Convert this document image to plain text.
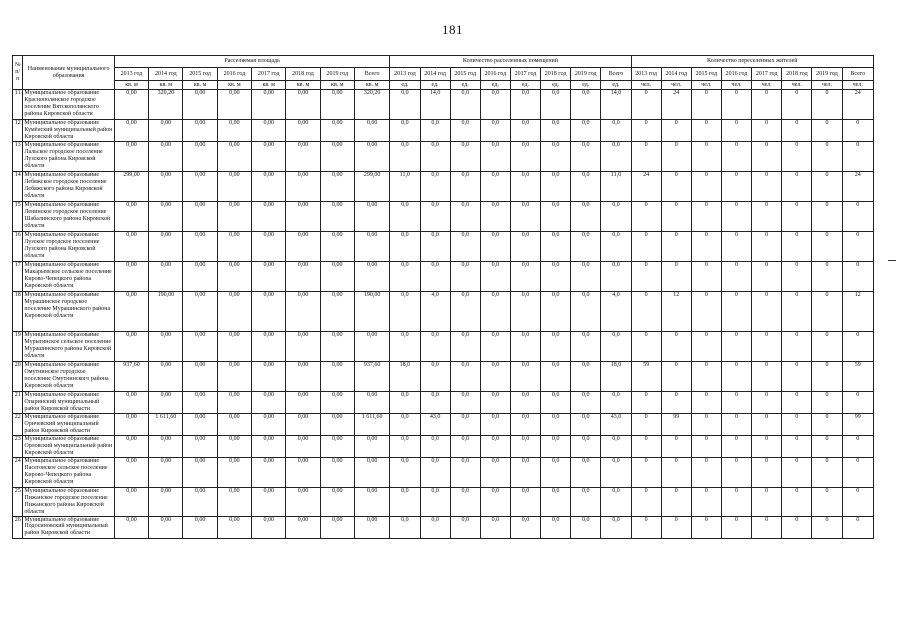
181
№ п/п	Наименование муниципального образования	Расселяемая площадь								Количество расселенных помещений								Количество переселенных жителей							
		2013 год	2014 год	2015 год	2016 год	2017 год	2018 год	2019 год	Всего	2013 год	2014 год	2015 год	2016 год	2017 год	2018 год	2019 год	Всего	2013 год	2014 год	2015 год	2016 год	2017 год	2018 год	2019 год	Всего
		кв. м	кв. м	кв. м	кв. м	кв. м	кв. м	кв. м	кв. м	ед.	ед.	ед.	ед.	ед.	ед.	ед.	ед.	чел.	чел.	чел.	чел.	чел.	чел.	чел.	чел.
11	Муниципальное образование Краснополянское городское поселение Вятскополянского района Кировской области	0,00	320,20	0,00	0,00	0,00	0,00	0,00	320,20	0,0	14,0	0,0	0,0	0,0	0,0	0,0	14,0	0	24	0	0	0	0	0	24
12	Муниципальное образование Кумёнский муниципальный район Кировской области	0,00	0,00	0,00	0,00	0,00	0,00	0,00	0,00	0,0	0,0	0,0	0,0	0,0	0,0	0,0	0,0	0	0	0	0	0	0	0	0
13	Муниципальное образование Лальское городское поселение Лузского района Кировской области	0,00	0,00	0,00	0,00	0,00	0,00	0,00	0,00	0,0	0,0	0,0	0,0	0,0	0,0	0,0	0,0	0	0	0	0	0	0	0	0
14	Муниципальное образование Лебяжское городское поселение Лебяжского района Кировской области	299,00	0,00	0,00	0,00	0,00	0,00	0,00	299,00	11,0	0,0	0,0	0,0	0,0	0,0	0,0	11,0	24	0	0	0	0	0	0	24
15	Муниципальное образование Ленинское городское поселение Шабалинского района Кировской области	0,00	0,00	0,00	0,00	0,00	0,00	0,00	0,00	0,0	0,0	0,0	0,0	0,0	0,0	0,0	0,0	0	0	0	0	0	0	0	0
16	Муниципальное образование Лузское городское поселение Лузского района Кировской области	0,00	0,00	0,00	0,00	0,00	0,00	0,00	0,00	0,0	0,0	0,0	0,0	0,0	0,0	0,0	0,0	0	0	0	0	0	0	0	0
17	Муниципальное образование Макарьевское сельское поселение Кирово-Чепецкого района Кировской области	0,00	0,00	0,00	0,00	0,00	0,00	0,00	0,00	0,0	0,0	0,0	0,0	0,0	0,0	0,0	0,0	0	0	0	0	0	0	0	0
18	Муниципальное образование Мурашинское городское поселение Мурашинского района Кировской области	0,00	190,00	0,00	0,00	0,00	0,00	0,00	190,00	0,0	4,0	0,0	0,0	0,0	0,0	0,0	4,0	0	12	0	0	0	0	0	12
19	Муниципальное образование Мурыгинское сельское поселение Мурашинского района Кировской области	0,00	0,00	0,00	0,00	0,00	0,00	0,00	0,00	0,0	0,0	0,0	0,0	0,0	0,0	0,0	0,0	0	0	0	0	0	0	0	0
20	Муниципальное образование Омутнинское городское поселение Омутнинского района Кировской области	937,60	0,00	0,00	0,00	0,00	0,00	0,00	937,60	18,0	0,0	0,0	0,0	0,0	0,0	0,0	18,0	59	0	0	0	0	0	0	59
21	Муниципальное образование Опаринский муниципальный район Кировской области	0,00	0,00	0,00	0,00	0,00	0,00	0,00	0,00	0,0	0,0	0,0	0,0	0,0	0,0	0,0	0,0	0	0	0	0	0	0	0	0
22	Муниципальное образование Оричевский муниципальный район Кировской области	0,00	1 611,60	0,00	0,00	0,00	0,00	0,00	1 611,60	0,0	43,0	0,0	0,0	0,0	0,0	0,0	43,0	0	99	0	0	0	0	0	99
23	Муниципальное образование Орловский муниципальный район Кировской области	0,00	0,00	0,00	0,00	0,00	0,00	0,00	0,00	0,0	0,0	0,0	0,0	0,0	0,0	0,0	0,0	0	0	0	0	0	0	0	0
24	Муниципальное образование Пасеговское сельское поселение Кирово-Чепецкого района Кировской области	0,00	0,00	0,00	0,00	0,00	0,00	0,00	0,00	0,0	0,0	0,0	0,0	0,0	0,0	0,0	0,0	0	0	0	0	0	0	0	0
25	Муниципальное образование Пижанское городское поселение Пижанского района Кировской области	0,00	0,00	0,00	0,00	0,00	0,00	0,00	0,00	0,0	0,0	0,0	0,0	0,0	0,0	0,0	0,0	0	0	0	0	0	0	0	0
26	Муниципальное образование Подосиновский муниципальный район Кировской области	0,00	0,00	0,00	0,00	0,00	0,00	0,00	0,00	0,0	0,0	0,0	0,0	0,0	0,0	0,0	0,0	0	0	0	0	0	0	0	0
